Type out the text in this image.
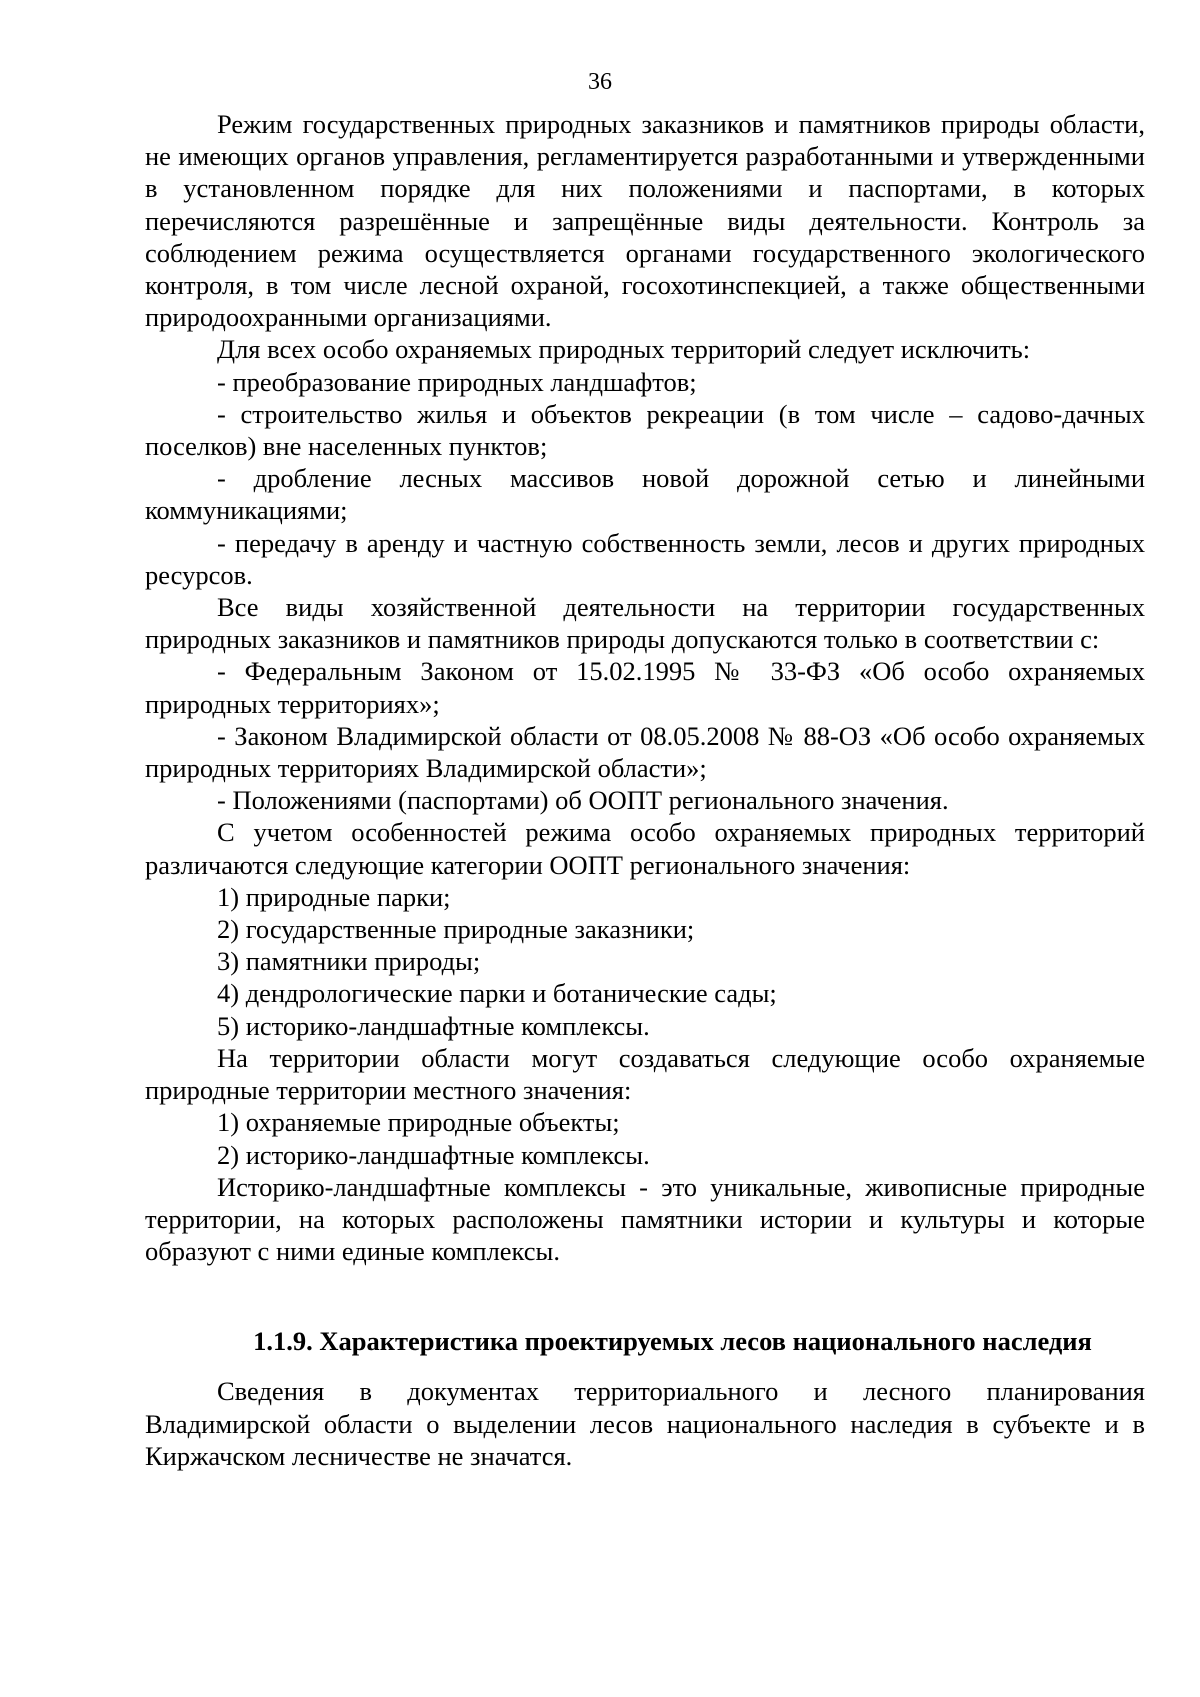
36

Режим государственных природных заказников и памятников природы области, не имеющих органов управления, регламентируется разработанными и утвержденными в установленном порядке для них положениями и паспортами, в которых перечисляются разрешённые и запрещённые виды деятельности. Контроль за соблюдением режима осуществляется органами государственного экологического контроля, в том числе лесной охраной, госохотинспекцией, а также общественными природоохранными организациями.

Для всех особо охраняемых природных территорий следует исключить:

- преобразование природных ландшафтов;

- строительство жилья и объектов рекреации (в том числе – садово-дачных поселков) вне населенных пунктов;

- дробление лесных массивов новой дорожной сетью и линейными коммуникациями;

- передачу в аренду и частную собственность земли, лесов и других природных ресурсов.

Все виды хозяйственной деятельности на территории государственных природных заказников и памятников природы допускаются только в соответствии с:

- Федеральным Законом от 15.02.1995 № 33-ФЗ «Об особо охраняемых природных территориях»;

- Законом Владимирской области от 08.05.2008 № 88-ОЗ «Об особо охраняемых природных территориях Владимирской области»;

- Положениями (паспортами) об ООПТ регионального значения.

С учетом особенностей режима особо охраняемых природных территорий различаются следующие категории ООПТ регионального значения:

1) природные парки;

2) государственные природные заказники;

3) памятники природы;

4) дендрологические парки и ботанические сады;

5) историко-ландшафтные комплексы.

На территории области могут создаваться следующие особо охраняемые природные территории местного значения:

1) охраняемые природные объекты;

2) историко-ландшафтные комплексы.

Историко-ландшафтные комплексы - это уникальные, живописные природные территории, на которых расположены памятники истории и культуры и которые образуют с ними единые комплексы.

1.1.9. Характеристика проектируемых лесов национального наследия

Сведения в документах территориального и лесного планирования Владимирской области о выделении лесов национального наследия в субъекте и в Киржачском лесничестве не значатся.
